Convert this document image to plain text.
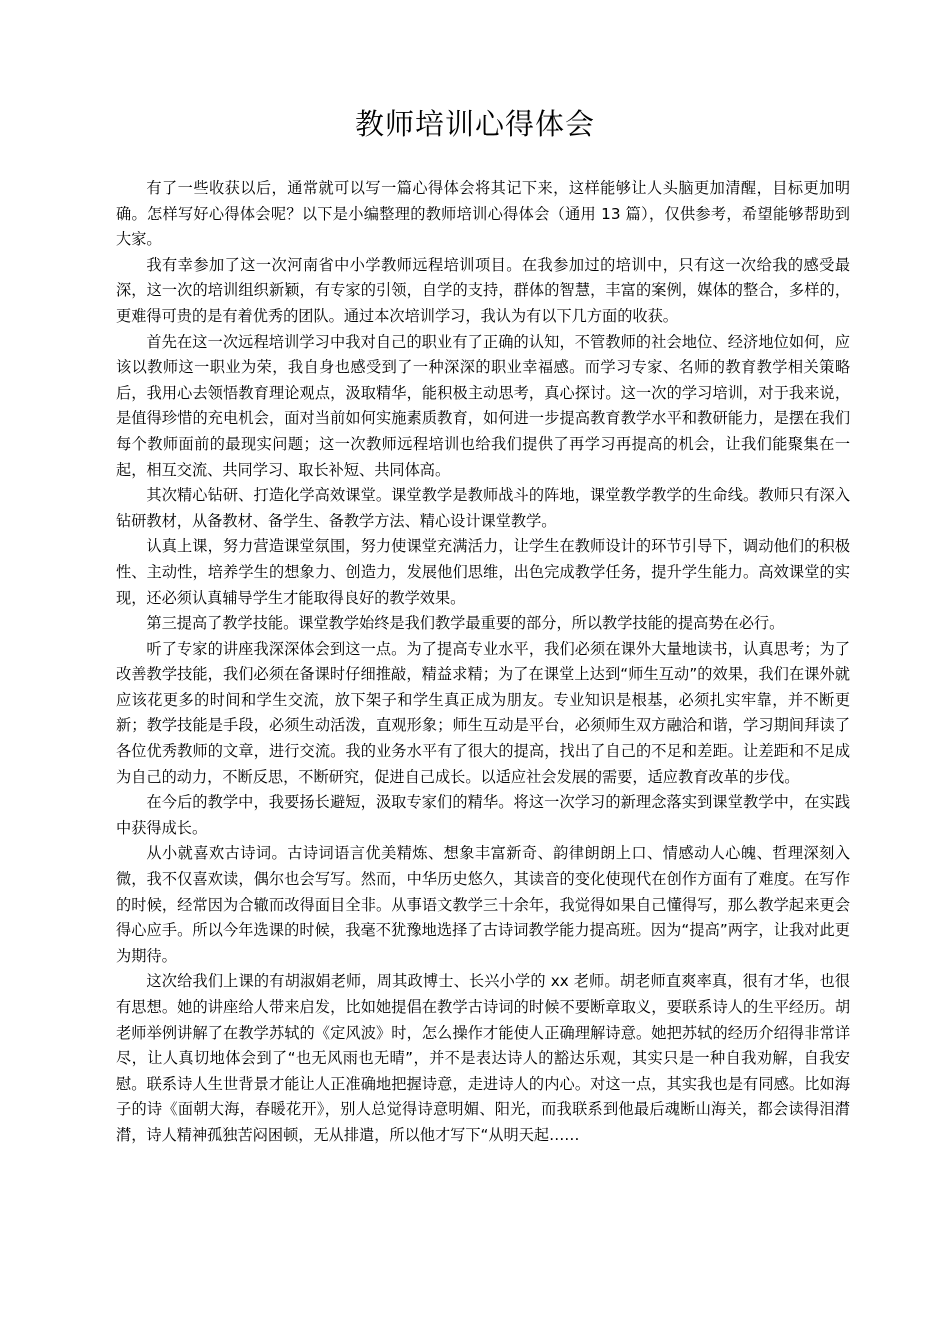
教师培训心得体会

有了一些收获以后，通常就可以写一篇心得体会将其记下来，这样能够让人头脑更加清醒，目标更加明确。怎样写好心得体会呢？以下是小编整理的教师培训心得体会（通用 13 篇），仅供参考，希望能够帮助到大家。

我有幸参加了这一次河南省中小学教师远程培训项目。在我参加过的培训中，只有这一次给我的感受最深，这一次的培训组织新颖，有专家的引领，自学的支持，群体的智慧，丰富的案例，媒体的整合，多样的，更难得可贵的是有着优秀的团队。通过本次培训学习，我认为有以下几方面的收获。

首先在这一次远程培训学习中我对自己的职业有了正确的认知，不管教师的社会地位、经济地位如何，应该以教师这一职业为荣，我自身也感受到了一种深深的职业幸福感。而学习专家、名师的教育教学相关策略后，我用心去领悟教育理论观点，汲取精华，能积极主动思考，真心探讨。这一次的学习培训，对于我来说，是值得珍惜的充电机会，面对当前如何实施素质教育，如何进一步提高教育教学水平和教研能力，是摆在我们每个教师面前的最现实问题；这一次教师远程培训也给我们提供了再学习再提高的机会，让我们能聚集在一起，相互交流、共同学习、取长补短、共同体高。

其次精心钻研、打造化学高效课堂。课堂教学是教师战斗的阵地，课堂教学教学的生命线。教师只有深入钻研教材，从备教材、备学生、备教学方法、精心设计课堂教学。

认真上课，努力营造课堂氛围，努力使课堂充满活力，让学生在教师设计的环节引导下，调动他们的积极性、主动性，培养学生的想象力、创造力，发展他们思维，出色完成教学任务，提升学生能力。高效课堂的实现，还必须认真辅导学生才能取得良好的教学效果。

第三提高了教学技能。课堂教学始终是我们教学最重要的部分，所以教学技能的提高势在必行。

听了专家的讲座我深深体会到这一点。为了提高专业水平，我们必须在课外大量地读书，认真思考；为了改善教学技能，我们必须在备课时仔细推敲，精益求精；为了在课堂上达到“师生互动”的效果，我们在课外就应该花更多的时间和学生交流，放下架子和学生真正成为朋友。专业知识是根基，必须扎实牢靠，并不断更新；教学技能是手段，必须生动活泼，直观形象；师生互动是平台，必须师生双方融洽和谐，学习期间拜读了各位优秀教师的文章，进行交流。我的业务水平有了很大的提高，找出了自己的不足和差距。让差距和不足成为自己的动力，不断反思，不断研究，促进自己成长。以适应社会发展的需要，适应教育改革的步伐。

在今后的教学中，我要扬长避短，汲取专家们的精华。将这一次学习的新理念落实到课堂教学中，在实践中获得成长。

从小就喜欢古诗词。古诗词语言优美精炼、想象丰富新奇、韵律朗朗上口、情感动人心魄、哲理深刻入微，我不仅喜欢读，偶尔也会写写。然而，中华历史悠久，其读音的变化使现代在创作方面有了难度。在写作的时候，经常因为合辙而改得面目全非。从事语文教学三十余年，我觉得如果自己懂得写，那么教学起来更会得心应手。所以今年选课的时候，我毫不犹豫地选择了古诗词教学能力提高班。因为“提高”两字，让我对此更为期待。

这次给我们上课的有胡淑娟老师，周其政博士、长兴小学的 xx 老师。胡老师直爽率真，很有才华，也很有思想。她的讲座给人带来启发，比如她提倡在教学古诗词的时候不要断章取义，要联系诗人的生平经历。胡老师举例讲解了在教学苏轼的《定风波》时，怎么操作才能使人正确理解诗意。她把苏轼的经历介绍得非常详尽，让人真切地体会到了“也无风雨也无晴”，并不是表达诗人的豁达乐观，其实只是一种自我劝解，自我安慰。联系诗人生世背景才能让人正准确地把握诗意，走进诗人的内心。对这一点，其实我也是有同感。比如海子的诗《面朝大海，春暖花开》，别人总觉得诗意明媚、阳光，而我联系到他最后魂断山海关，都会读得泪潸潸，诗人精神孤独苦闷困顿，无从排遣，所以他才写下“从明天起……
